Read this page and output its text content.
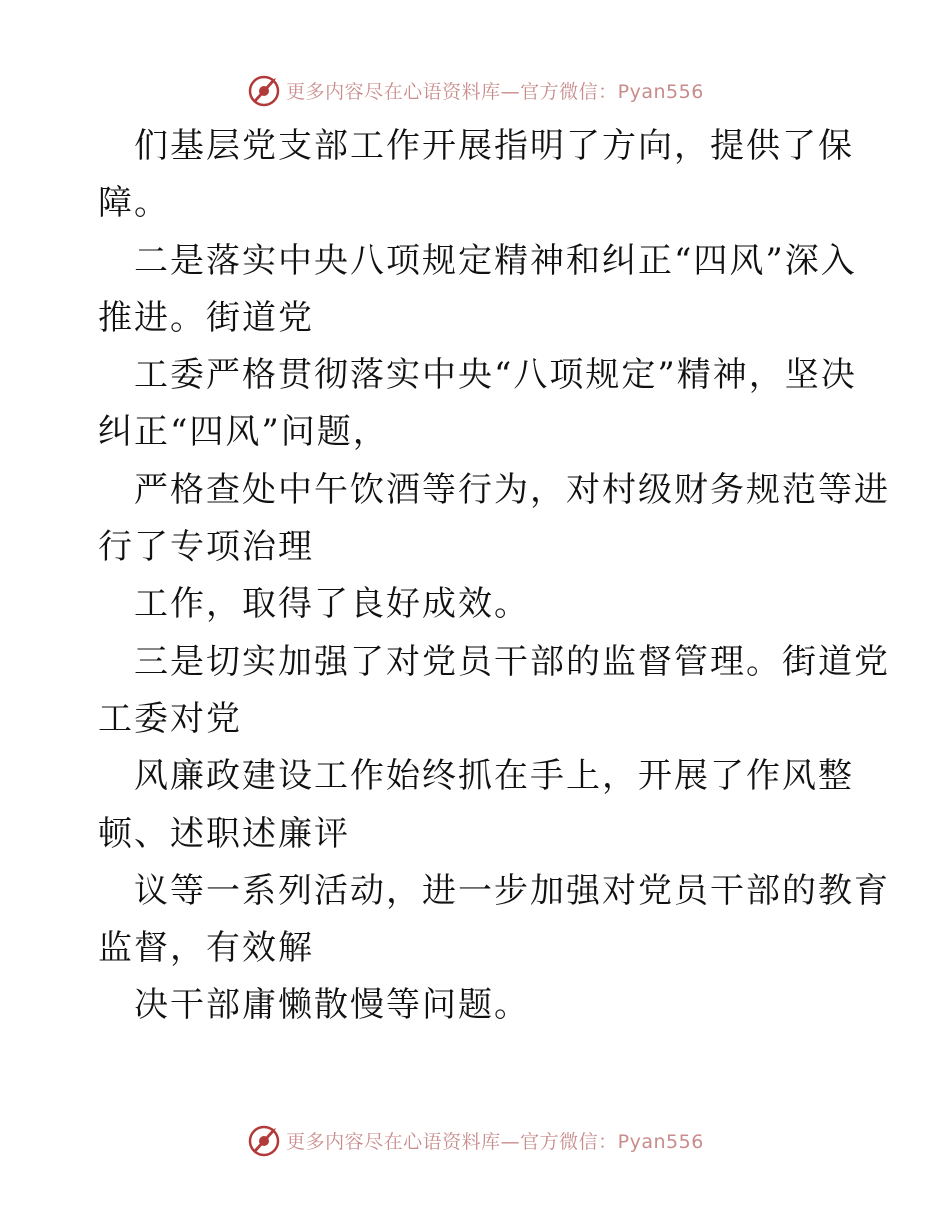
更多内容尽在心语资料库—官方微信：Pyan556
们基层党支部工作开展指明了方向，提供了保
障。
二是落实中央八项规定精神和纠正“四风”深入
推进。街道党
工委严格贯彻落实中央“八项规定”精神，坚决
纠正“四风”问题，
严格查处中午饮酒等行为，对村级财务规范等进
行了专项治理
工作，取得了良好成效。
三是切实加强了对党员干部的监督管理。街道党
工委对党
风廉政建设工作始终抓在手上，开展了作风整
顿、述职述廉评
议等一系列活动，进一步加强对党员干部的教育
监督，有效解
决干部庸懒散慢等问题。
更多内容尽在心语资料库—官方微信：Pyan556
